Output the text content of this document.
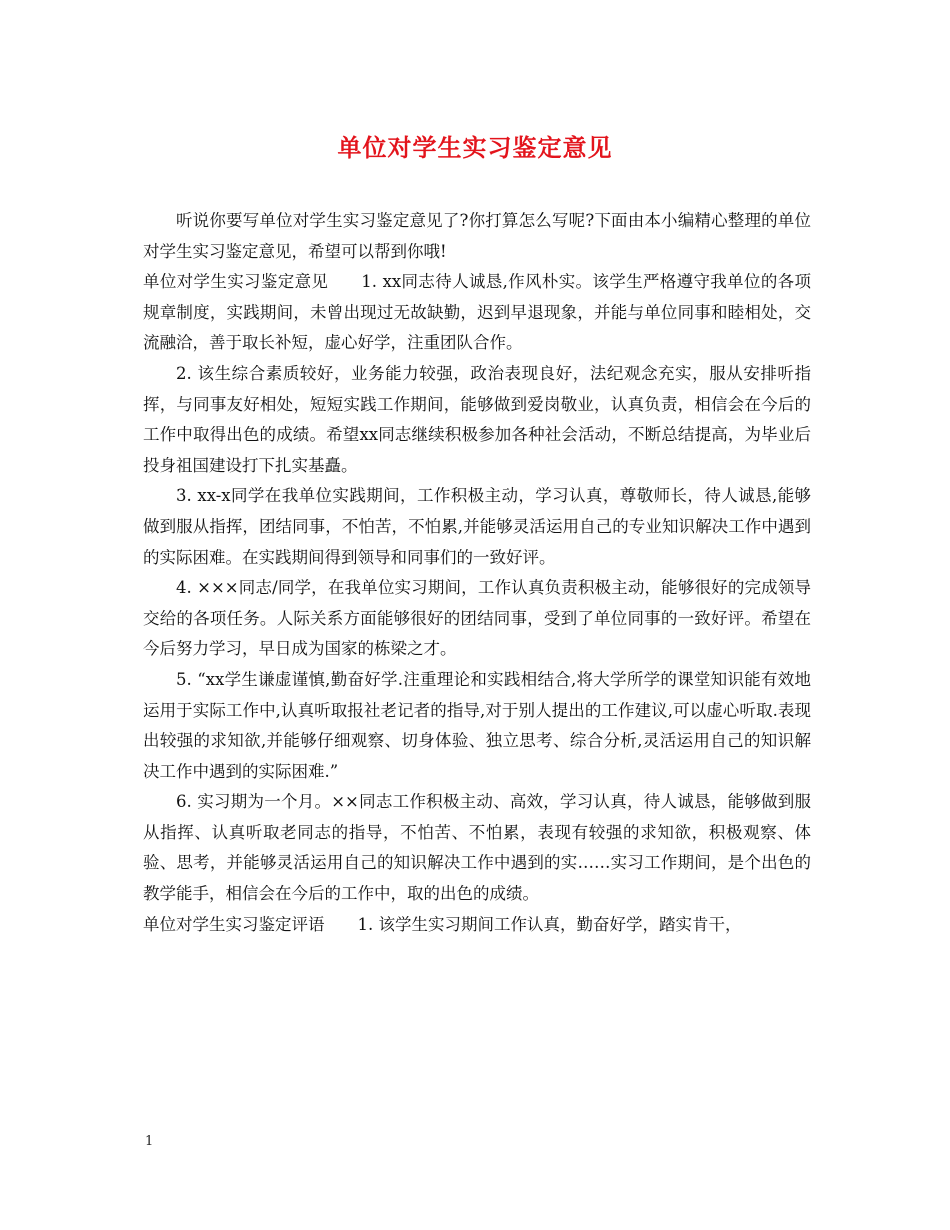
单位对学生实习鉴定意见

听说你要写单位对学生实习鉴定意见了?你打算怎么写呢?下面由本小编精心整理的单位对学生实习鉴定意见，希望可以帮到你哦!

单位对学生实习鉴定意见 1. xx同志待人诚恳,作风朴实。该学生严格遵守我单位的各项规章制度，实践期间，未曾出现过无故缺勤，迟到早退现象，并能与单位同事和睦相处，交流融洽，善于取长补短，虚心好学，注重团队合作。

2. 该生综合素质较好，业务能力较强，政治表现良好，法纪观念充实，服从安排听指挥，与同事友好相处，短短实践工作期间，能够做到爱岗敬业，认真负责，相信会在今后的工作中取得出色的成绩。希望xx同志继续积极参加各种社会活动，不断总结提高，为毕业后投身祖国建设打下扎实基矗。

3. xx-x同学在我单位实践期间，工作积极主动，学习认真，尊敬师长，待人诚恳,能够做到服从指挥，团结同事，不怕苦，不怕累,并能够灵活运用自己的专业知识解决工作中遇到的实际困难。在实践期间得到领导和同事们的一致好评。

4. ×××同志/同学，在我单位实习期间，工作认真负责积极主动，能够很好的完成领导交给的各项任务。人际关系方面能够很好的团结同事，受到了单位同事的一致好评。希望在今后努力学习，早日成为国家的栋梁之才。

5. “xx学生谦虚谨慎,勤奋好学.注重理论和实践相结合,将大学所学的课堂知识能有效地运用于实际工作中,认真听取报社老记者的指导,对于别人提出的工作建议,可以虚心听取.表现出较强的求知欲,并能够仔细观察、切身体验、独立思考、综合分析,灵活运用自己的知识解决工作中遇到的实际困难.”

6. 实习期为一个月。××同志工作积极主动、高效，学习认真，待人诚恳，能够做到服从指挥、认真听取老同志的指导，不怕苦、不怕累，表现有较强的求知欲，积极观察、体验、思考，并能够灵活运用自己的知识解决工作中遇到的实……实习工作期间，是个出色的教学能手，相信会在今后的工作中，取的出色的成绩。

单位对学生实习鉴定评语 1. 该学生实习期间工作认真，勤奋好学，踏实肯干，

1
